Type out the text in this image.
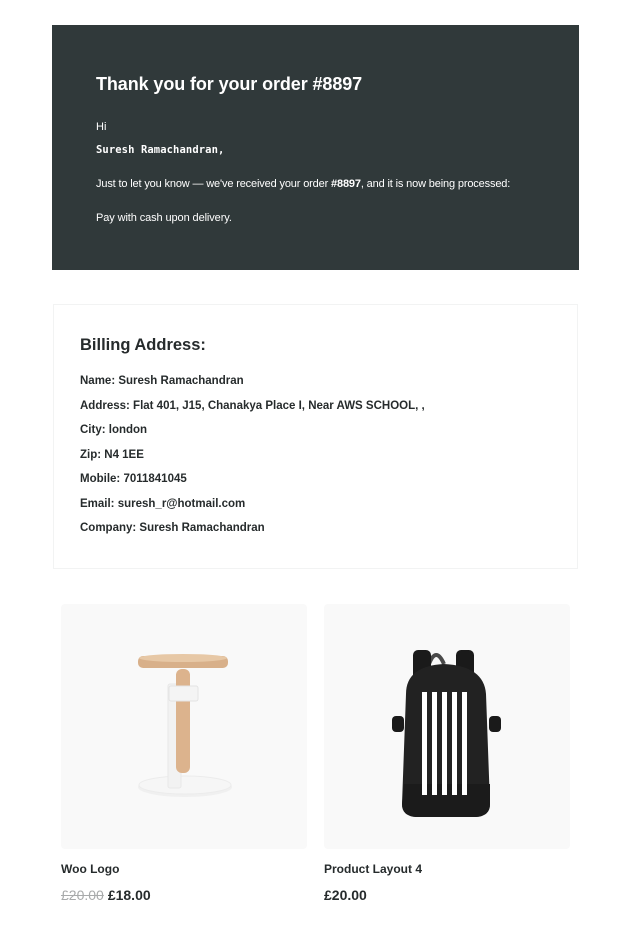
Thank you for your order #8897
Hi
Suresh Ramachandran,
Just to let you know — we've received your order #8897, and it is now being processed:
Pay with cash upon delivery.
Billing Address:
Name: Suresh Ramachandran
Address: Flat 401, J15, Chanakya Place I, Near AWS SCHOOL, ,
City: london
Zip: N4 1EE
Mobile: 7011841045
Email: suresh_r@hotmail.com
Company: Suresh Ramachandran
Woo Logo
£20.00 £18.00
Product Layout 4
£20.00
